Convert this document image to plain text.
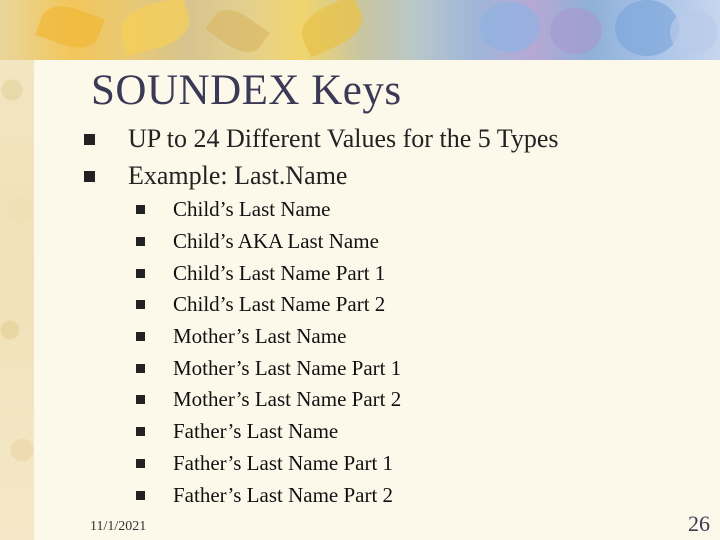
SOUNDEX Keys
UP to 24 Different Values for the 5 Types
Example: Last.Name
Child’s Last Name
Child’s AKA Last Name
Child’s Last Name Part 1
Child’s Last Name Part 2
Mother’s Last Name
Mother’s Last Name Part 1
Mother’s Last Name Part 2
Father’s Last Name
Father’s Last Name Part 1
Father’s Last Name Part 2
11/1/2021	26
